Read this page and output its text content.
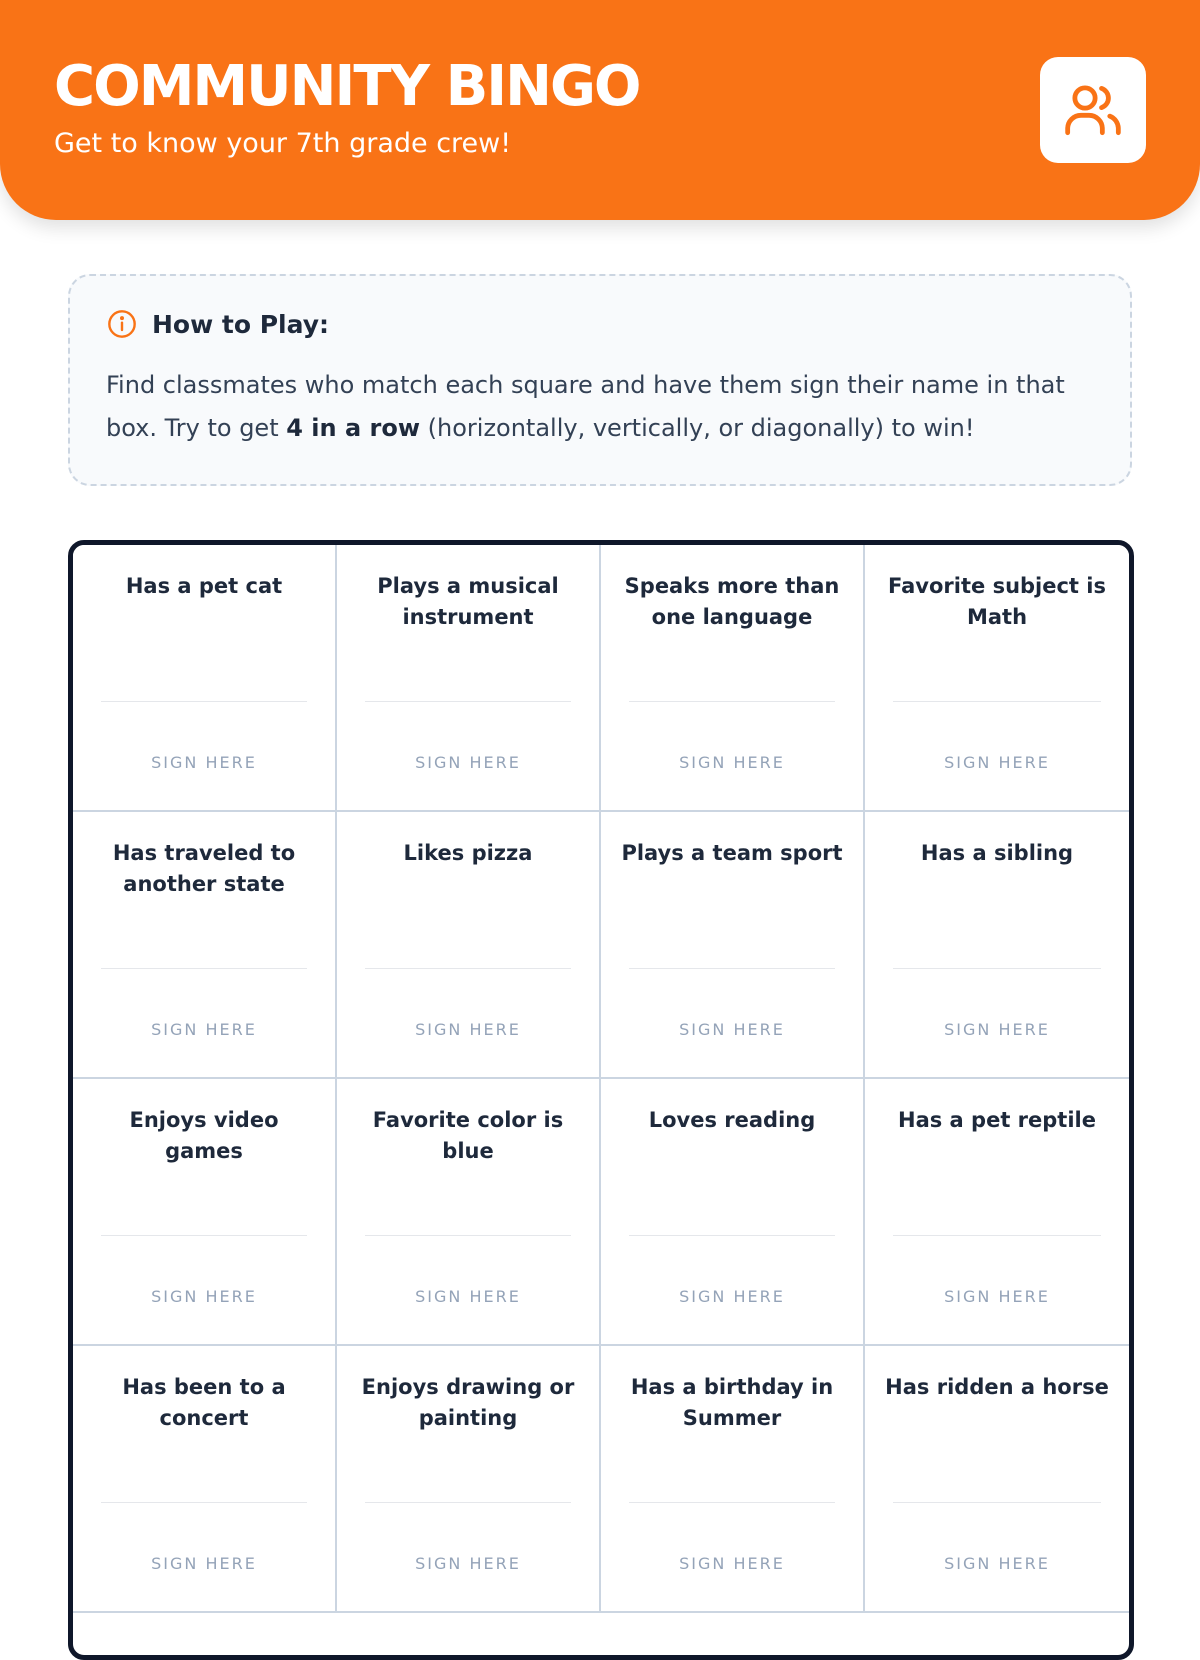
COMMUNITY BINGO

Get to know your 7th grade crew!

How to Play:

Find classmates who match each square and have them sign their name in that box. Try to get 4 in a row (horizontally, vertically, or diagonally) to win!

Has a pet cat

SIGN HERE

Plays a musical instrument

SIGN HERE

Speaks more than one language

SIGN HERE

Favorite subject is Math

SIGN HERE

Has traveled to another state

SIGN HERE

Likes pizza

SIGN HERE

Plays a team sport

SIGN HERE

Has a sibling

SIGN HERE

Enjoys video games

SIGN HERE

Favorite color is blue

SIGN HERE

Loves reading

SIGN HERE

Has a pet reptile

SIGN HERE

Has been to a concert

SIGN HERE

Enjoys drawing or painting

SIGN HERE

Has a birthday in Summer

SIGN HERE

Has ridden a horse

SIGN HERE
